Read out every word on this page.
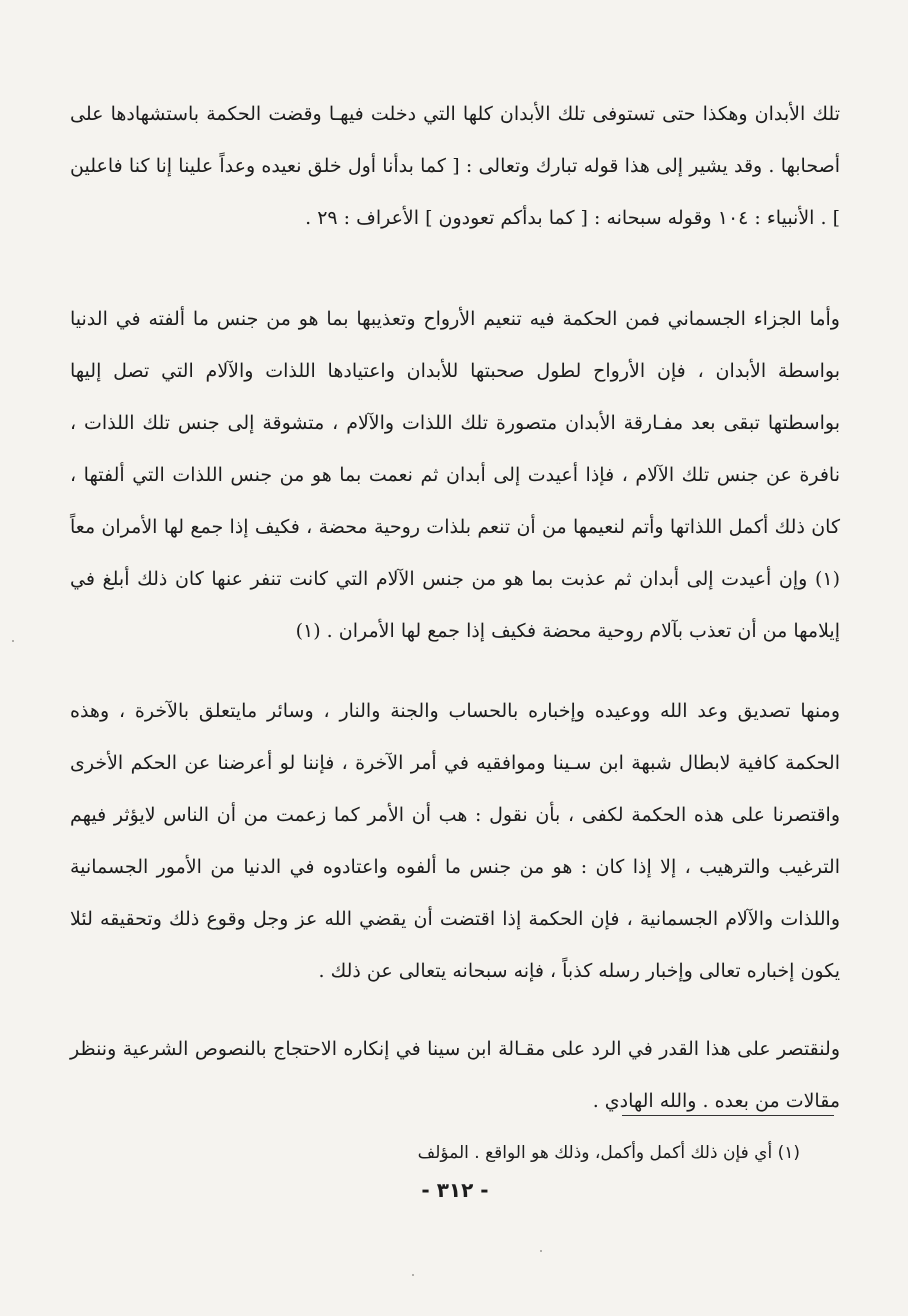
تلك الأبدان وهكذا حتى تستوفى تلك الأبدان كلها التي دخلت فيهـا وقضت الحكمة باستشهادها على أصحابها . وقد يشير إلى هذا قوله تبارك وتعالى : [ كما بدأنا أول خلق نعيده وعداً علينا إنا كنا فاعلين ] . الأنبياء : ١٠٤ وقوله سبحانه : [ كما بدأكم تعودون ] الأعراف : ٢٩ .
وأما الجزاء الجسماني فمن الحكمة فيه تنعيم الأرواح وتعذيبها بما هو من جنس ما ألفته في الدنيا بواسطة الأبدان ، فإن الأرواح لطول صحبتها للأبدان واعتيادها اللذات والآلام التي تصل إليها بواسطتها تبقى بعد مفـارقة الأبدان متصورة تلك اللذات والآلام ، متشوقة إلى جنس تلك اللذات ، نافرة عن جنس تلك الآلام ، فإذا أعيدت إلى أبدان ثم نعمت بما هو من جنس اللذات التي ألفتها ، كان ذلك أكمل اللذاتها وأتم لنعيمها من أن تنعم بلذات روحية محضة ، فكيف إذا جمع لها الأمران معاً (١) وإن أعيدت إلى أبدان ثم عذبت بما هو من جنس الآلام التي كانت تنفر عنها كان ذلك أبلغ في إيلامها من أن تعذب بآلام روحية محضة فكيف إذا جمع لها الأمران . (١)
ومنها تصديق وعد الله ووعيده وإخباره بالحساب والجنة والنار ، وسائر مايتعلق بالآخرة ، وهذه الحكمة كافية لابطال شبهة ابن سـينا وموافقيه في أمر الآخرة ، فإننا لو أعرضنا عن الحكم الأخرى واقتصرنا على هذه الحكمة لكفى ، بأن نقول : هب أن الأمر كما زعمت من أن الناس لايؤثر فيهم الترغيب والترهيب ، إلا إذا كان : هو من جنس ما ألفوه واعتادوه في الدنيا من الأمور الجسمانية واللذات والآلام الجسمانية ، فإن الحكمة إذا اقتضت أن يقضي الله عز وجل وقوع ذلك وتحقيقه لئلا يكون إخباره تعالى وإخبار رسله كذباً ، فإنه سبحانه يتعالى عن ذلك .
ولنقتصر على هذا القدر في الرد على مقـالة ابن سينا في إنكاره الاحتجاج بالنصوص الشرعية وننظر مقالات من بعده . والله الهادي .
(١) أي فإن ذلك أكمل وأكمل، وذلك هو الواقع . المؤلف
- ٣١٢ -
